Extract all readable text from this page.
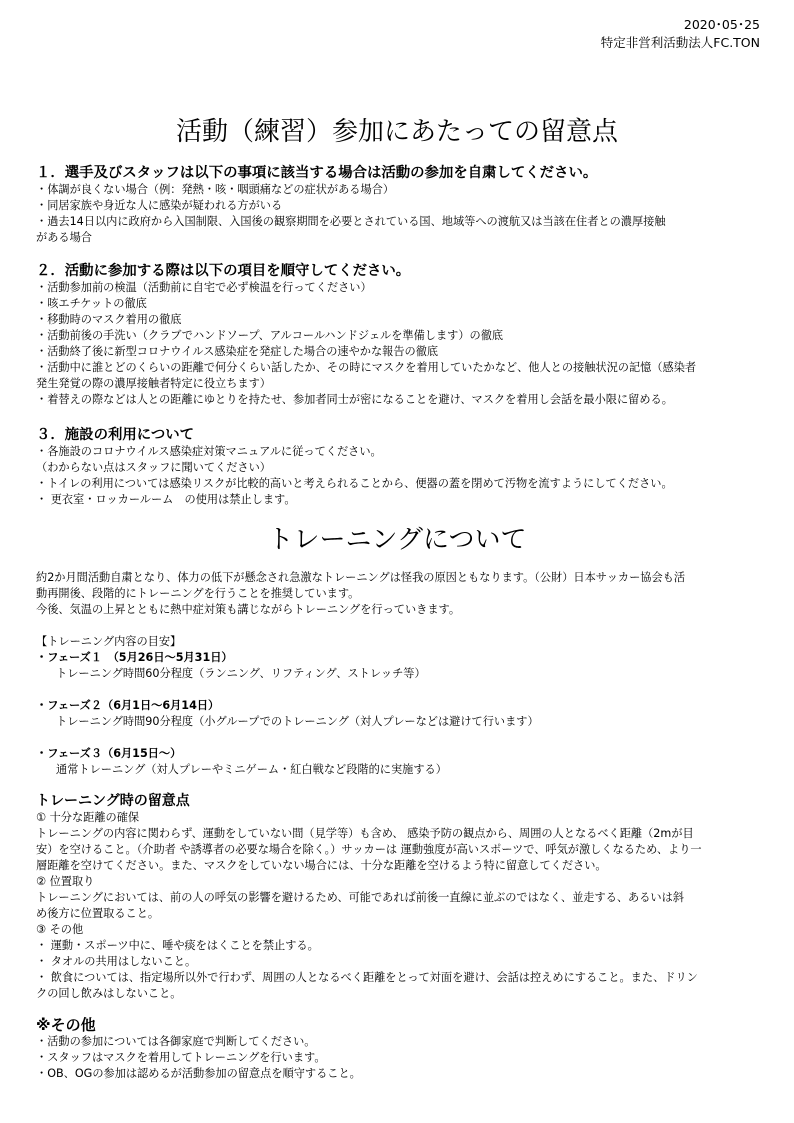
2020･05･25
特定非営利活動法人FC.TON
活動（練習）参加にあたっての留意点

１．選手及びスタッフは以下の事項に該当する場合は活動の参加を自粛してください。

・体調が良くない場合（例：発熱・咳・咽頭痛などの症状がある場合）

・同居家族や身近な人に感染が疑われる方がいる

・過去14日以内に政府から入国制限、入国後の観察期間を必要とされている国、地域等への渡航又は当該在住者との濃厚接触

がある場合

２．活動に参加する際は以下の項目を順守してください。

・活動参加前の検温（活動前に自宅で必ず検温を行ってください）

・咳エチケットの徹底

・移動時のマスク着用の徹底

・活動前後の手洗い（クラブでハンドソープ、アルコールハンドジェルを準備します）の徹底

・活動終了後に新型コロナウイルス感染症を発症した場合の速やかな報告の徹底

・活動中に誰とどのくらいの距離で何分くらい話したか、その時にマスクを着用していたかなど、他人との接触状況の記憶（感染者

発生発覚の際の濃厚接触者特定に役立ちます）

・着替えの際などは人との距離にゆとりを持たせ、参加者同士が密になることを避け、マスクを着用し会話を最小限に留める。

３．施設の利用について

・各施設のコロナウイルス感染症対策マニュアルに従ってください。

（わからない点はスタッフに聞いてください）

・トイレの利用については感染リスクが比較的高いと考えられることから、便器の蓋を閉めて汚物を流すようにしてください。

・ 更衣室・ロッカールーム　の使用は禁止します。

トレーニングについて

約2か月間活動自粛となり、体力の低下が懸念され急激なトレーニングは怪我の原因ともなります。（公財）日本サッカー協会も活

動再開後、段階的にトレーニングを行うことを推奨しています。

今後、気温の上昇とともに熱中症対策も講じながらトレーニングを行っていきます。

【トレーニング内容の目安】

・フェーズ１　（5月26日～5月31日）

トレーニング時間60分程度（ランニング、リフティング、ストレッチ等）

・フェーズ２（6月1日～6月14日）

トレーニング時間90分程度（小グループでのトレーニング（対人プレーなどは避けて行います）

・フェーズ３（6月15日～）

通常トレーニング（対人プレーやミニゲーム・紅白戦など段階的に実施する）

トレーニング時の留意点

① 十分な距離の確保

トレーニングの内容に関わらず、運動をしていない間（見学等）も含め、 感染予防の観点から、周囲の人となるべく距離（2mが目

安）を空けること。（介助者 や誘導者の必要な場合を除く。）サッカーは 運動強度が高いスポーツで、呼気が激しくなるため、より一

層距離を空けてください。また、マスクをしていない場合には、十分な距離を空けるよう特に留意してください。

② 位置取り

トレーニングにおいては、前の人の呼気の影響を避けるため、可能であれば前後一直線に並ぶのではなく、並走する、あるいは斜

め後方に位置取ること。

③ その他

・ 運動・スポーツ中に、唾や痰をはくことを禁止する。

・ タオルの共用はしないこと。

・ 飲食については、指定場所以外で行わず、周囲の人となるべく距離をとって対面を避け、会話は控えめにすること。また、ドリン

クの回し飲みはしないこと。

※その他

・活動の参加については各御家庭で判断してください。

・スタッフはマスクを着用してトレーニングを行います。

・OB、OGの参加は認めるが活動参加の留意点を順守すること。
